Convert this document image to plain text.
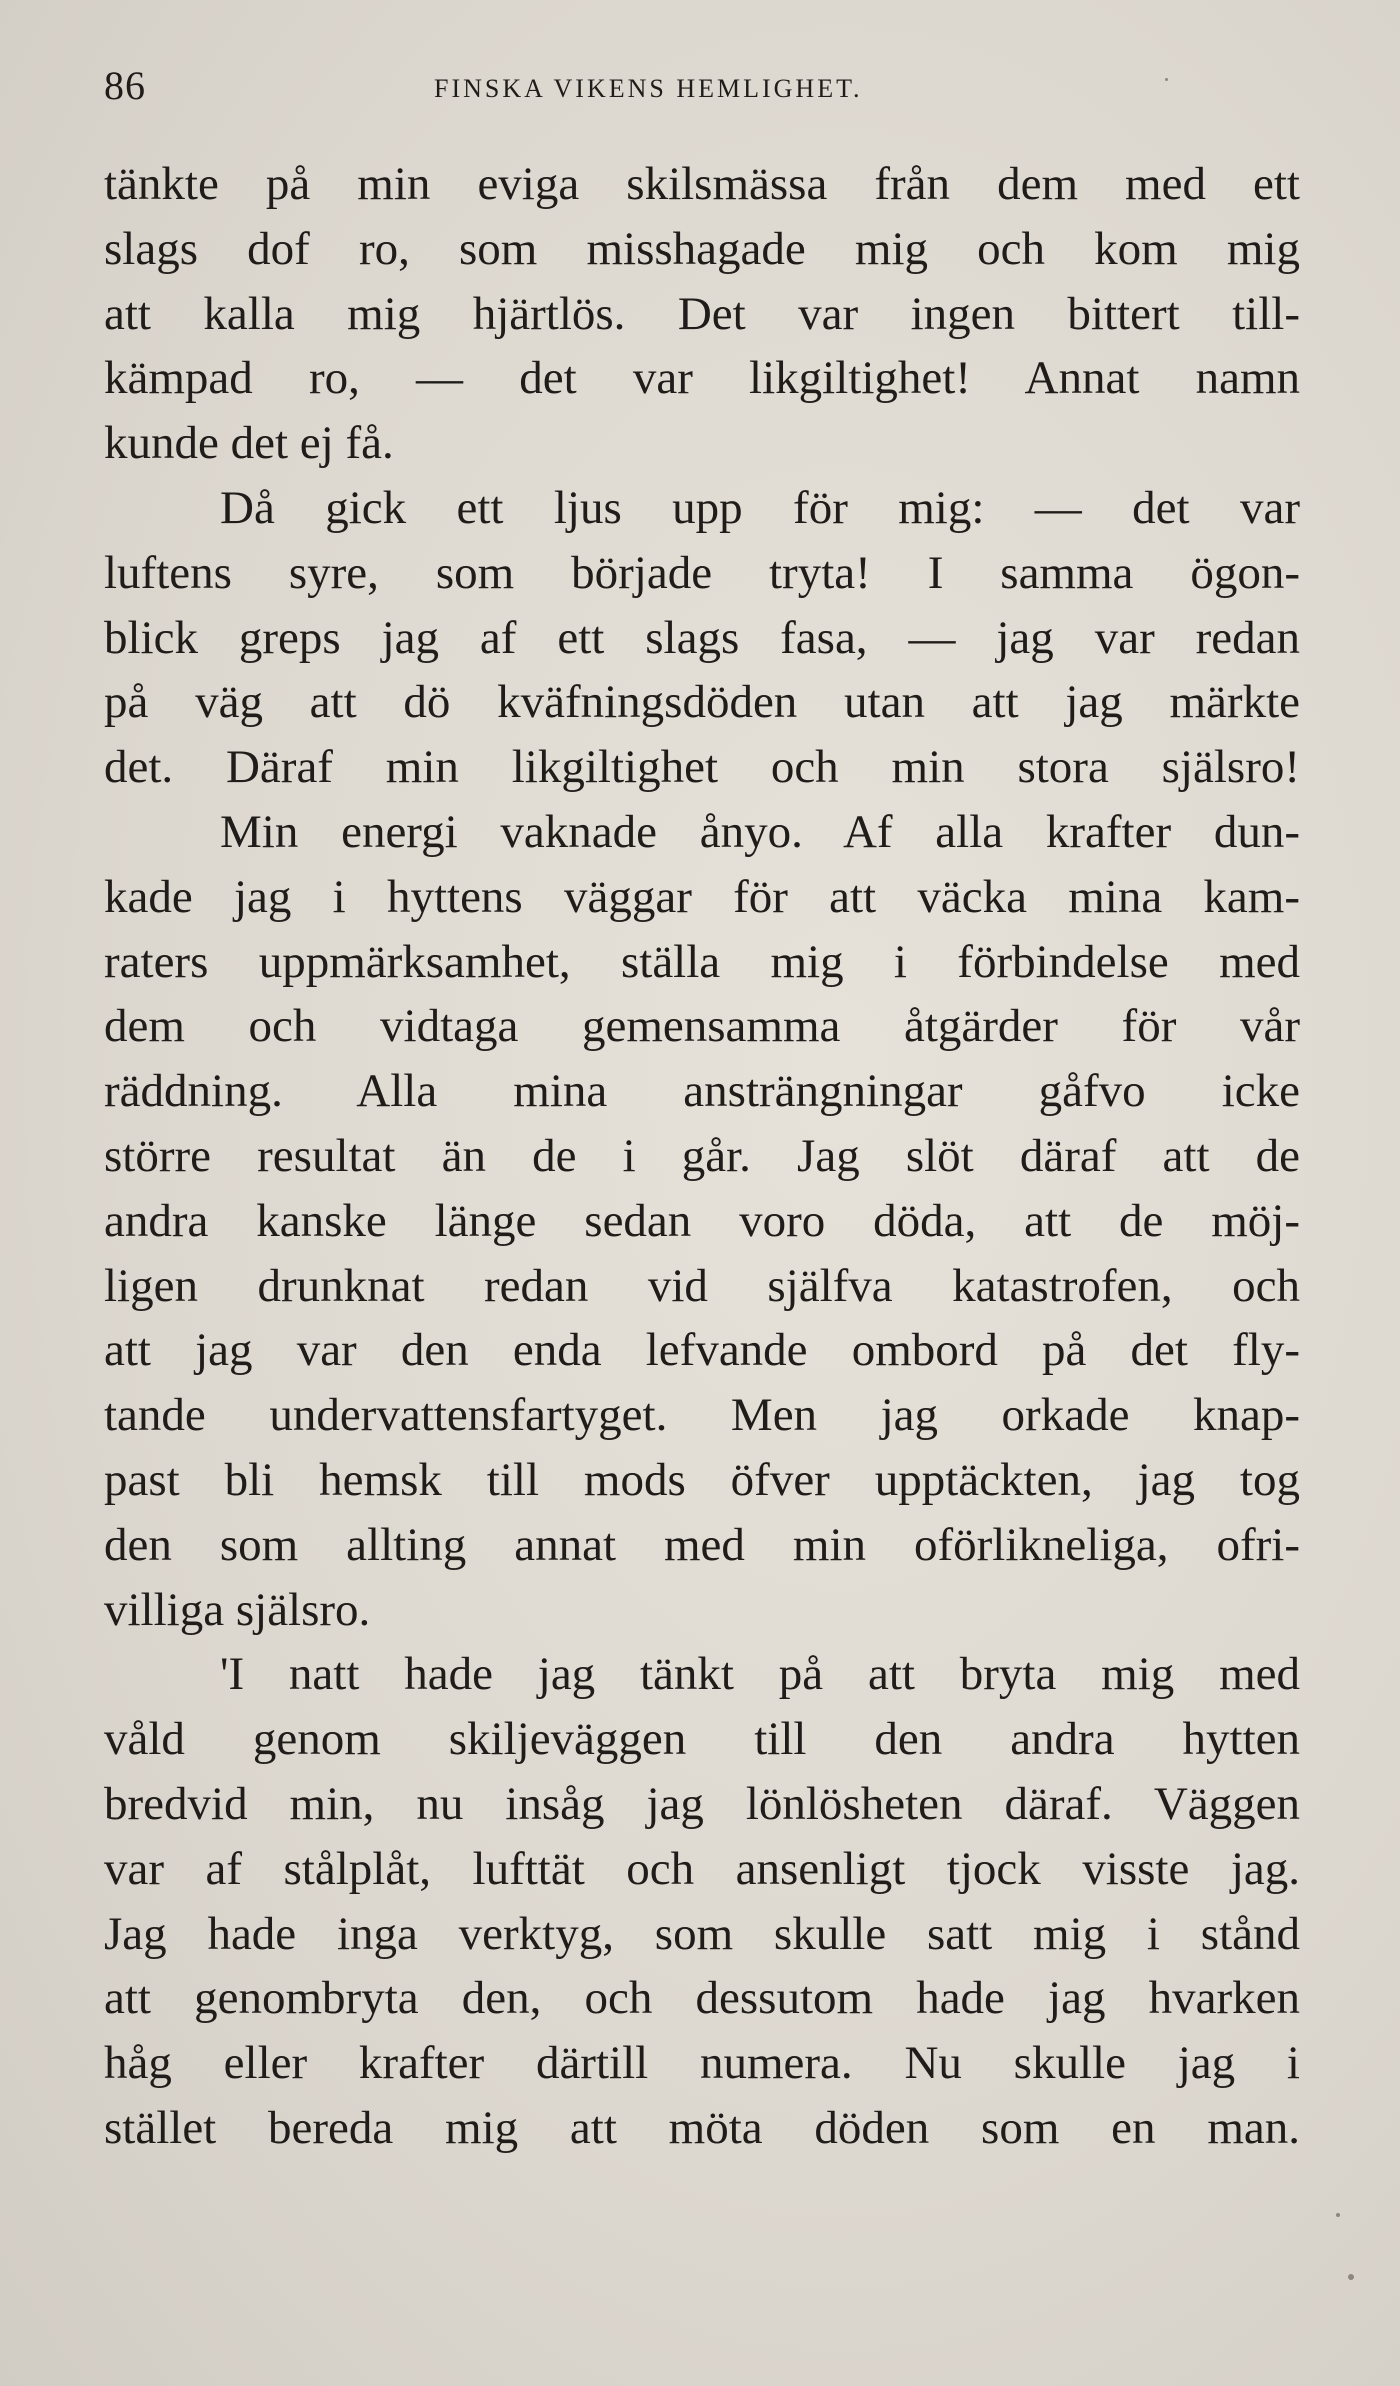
86	FINSKA VIKENS HEMLIGHET.
tänkte på min eviga skilsmässa från dem med ett
slags dof ro, som misshagade mig och kom mig
att kalla mig hjärtlös. Det var ingen bittert till-
kämpad ro, — det var likgiltighet! Annat namn
kunde det ej få.
Då gick ett ljus upp för mig: — det var
luftens syre, som började tryta! I samma ögon-
blick greps jag af ett slags fasa, — jag var redan
på väg att dö kväfningsdöden utan att jag märkte
det. Däraf min likgiltighet och min stora själsro!
Min energi vaknade ånyo. Af alla krafter dun-
kade jag i hyttens väggar för att väcka mina kam-
raters uppmärksamhet, ställa mig i förbindelse med
dem och vidtaga gemensamma åtgärder för vår
räddning. Alla mina ansträngningar gåfvo icke
större resultat än de i går. Jag slöt däraf att de
andra kanske länge sedan voro döda, att de möj-
ligen drunknat redan vid själfva katastrofen, och
att jag var den enda lefvande ombord på det fly-
tande undervattensfartyget. Men jag orkade knap-
past bli hemsk till mods öfver upptäckten, jag tog
den som allting annat med min oförlikneliga, ofri-
villiga själsro.
'I natt hade jag tänkt på att bryta mig med
våld genom skiljeväggen till den andra hytten
bredvid min, nu insåg jag lönlösheten däraf. Väggen
var af stålplåt, lufttät och ansenligt tjock visste jag.
Jag hade inga verktyg, som skulle satt mig i stånd
att genombryta den, och dessutom hade jag hvarken
håg eller krafter därtill numera. Nu skulle jag i
stället bereda mig att möta döden som en man.
